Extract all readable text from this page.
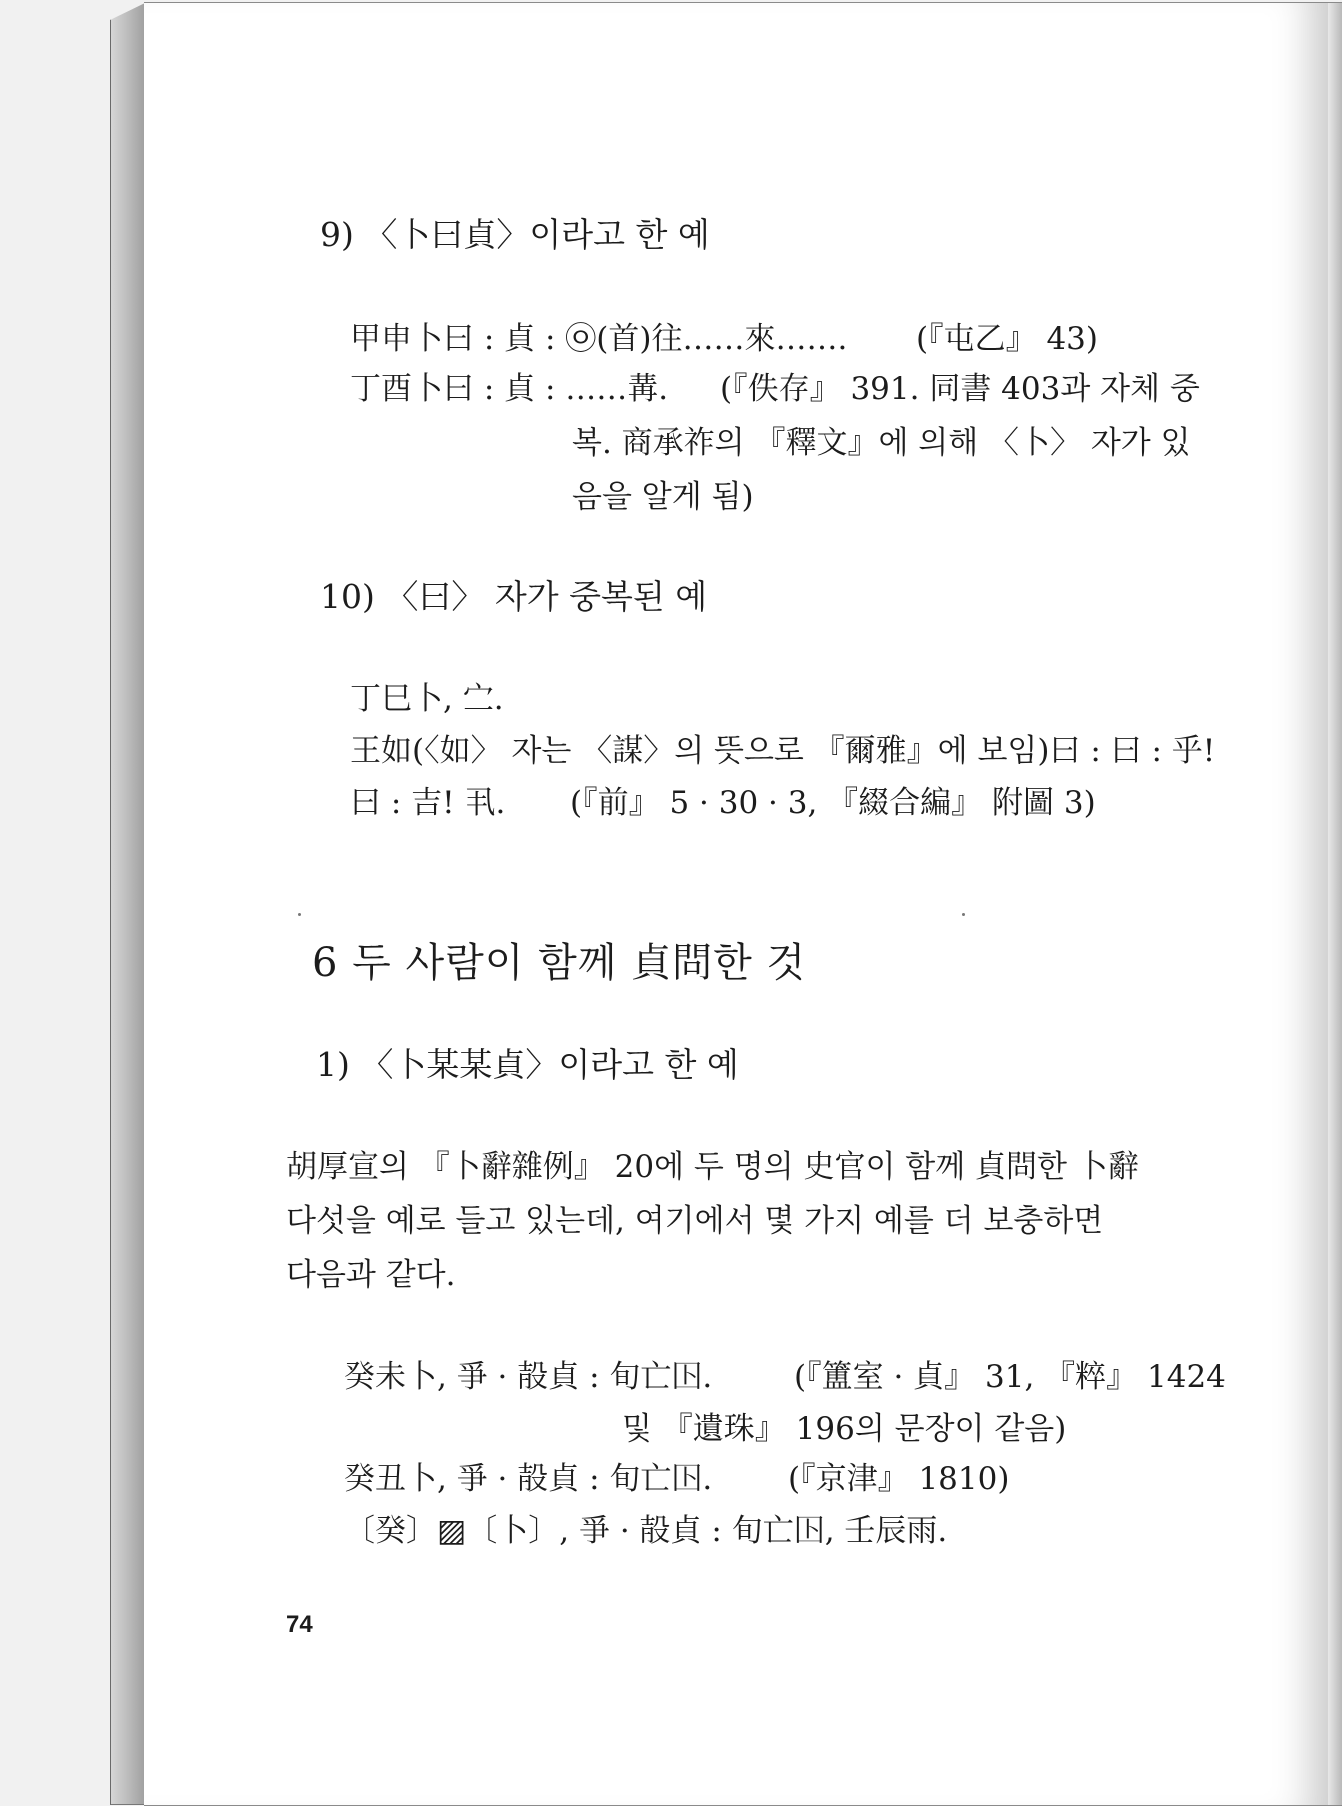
9) 〈卜曰貞〉이라고 한 예
甲申卜曰 : 貞 : ㉧(首)往……來……. (『屯乙』 43)
丁酉卜曰 : 貞 : ……冓. (『佚存』 391. 同書 403과 자체 중
복. 商承祚의 『釋文』에 의해 〈卜〉 자가 있
음을 알게 됨)
10) 〈曰〉 자가 중복된 예
丁巳卜, 㝉.
王如(〈如〉 자는 〈謀〉의 뜻으로 『爾雅』에 보임)曰 : 曰 : 乎!
曰 : 吉! 丮. (『前』 5 · 30 · 3, 『綴合編』 附圖 3)
6 두 사람이 함께 貞問한 것
1) 〈卜某某貞〉이라고 한 예
胡厚宣의 『卜辭雜例』 20에 두 명의 史官이 함께 貞問한 卜辭
다섯을 예로 들고 있는데, 여기에서 몇 가지 예를 더 보충하면
다음과 같다.
癸未卜, 爭 · 㱿貞 : 旬亡𡆥.	(『簠室 · 貞』 31, 『粹』 1424
및 『遺珠』 196의 문장이 같음)
癸丑卜, 爭 · 㱿貞 : 旬亡𡆥. (『京津』 1810)
〔癸〕▨〔卜〕, 爭 · 㱿貞 : 旬亡𡆥, 壬辰雨.
74
